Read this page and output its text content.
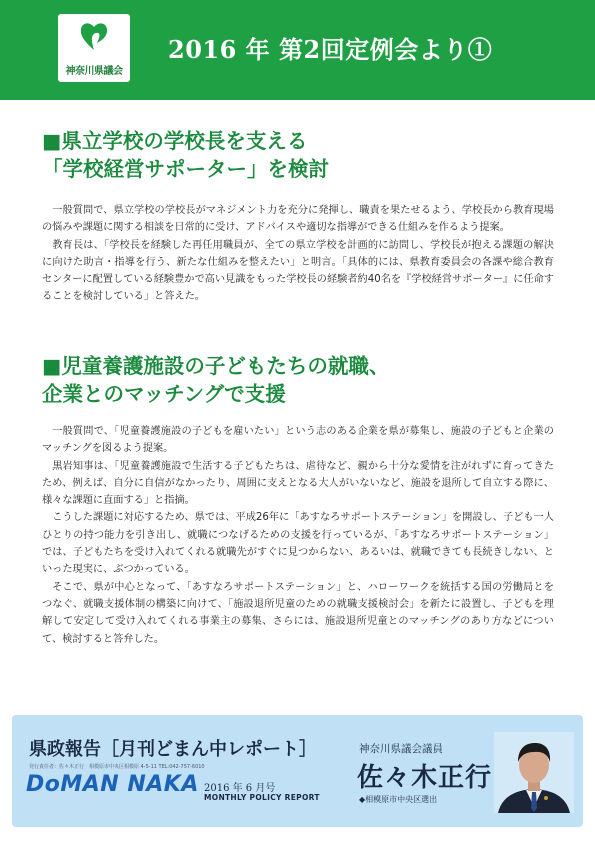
神奈川県議会
2016 年 第2回定例会より①
■県立学校の学校長を支える
「学校経営サポーター」を検討

一般質問で、県立学校の学校長がマネジメント力を充分に発揮し、職責を果たせるよう、学校長から教育現場の悩みや課題に関する相談を日常的に受け、アドバイスや適切な指導ができる仕組みを作るよう提案。

教育長は、「学校長を経験した再任用職員が、全ての県立学校を計画的に訪問し、学校長が抱える課題の解決に向けた助言・指導を行う、新たな仕組みを整えたい」と明言。「具体的には、県教育委員会の各課や総合教育センターに配置している経験豊かで高い見識をもった学校長の経験者約40名を『学校経営サポーター』に任命することを検討している」と答えた。

■児童養護施設の子どもたちの就職、
企業とのマッチングで支援

一般質問で、「児童養護施設の子どもを雇いたい」という志のある企業を県が募集し、施設の子どもと企業のマッチングを図るよう提案。

黒岩知事は、「児童養護施設で生活する子どもたちは、虐待など、親から十分な愛情を注がれずに育ってきたため、例えば、自分に自信がなかったり、周囲に支えとなる大人がいないなど、施設を退所して自立する際に、様々な課題に直面する」と指摘。

こうした課題に対応するため、県では、平成26年に「あすなろサポートステーション」を開設し、子ども一人ひとりの持つ能力を引き出し、就職につなげるための支援を行っているが、「あすなろサポートステーション」では、子どもたちを受け入れてくれる就職先がすぐに見つからない、あるいは、就職できても長続きしない、といった現実に、ぶつかっている。

そこで、県が中心となって、「あすなろサポートステーション」と、ハローワークを統括する国の労働局とをつなぐ、就職支援体制の構築に向けて、「施設退所児童のための就職支援検討会」を新たに設置し、子どもを理解して安定して受け入れてくれる事業主の募集、さらには、施設退所児童とのマッチングのあり方などについて、検討すると答弁した。

県政報告［月刊どまん中レポート］
発行責任者：佐々木正行　相模原市中央区相模原 4-5-11 TEL:042-757-6010
DoMAN NAKA 2016 年 6 月号
MONTHLY POLICY REPORT
神奈川県議会議員
佐々木正行
◆相模原市中央区選出
